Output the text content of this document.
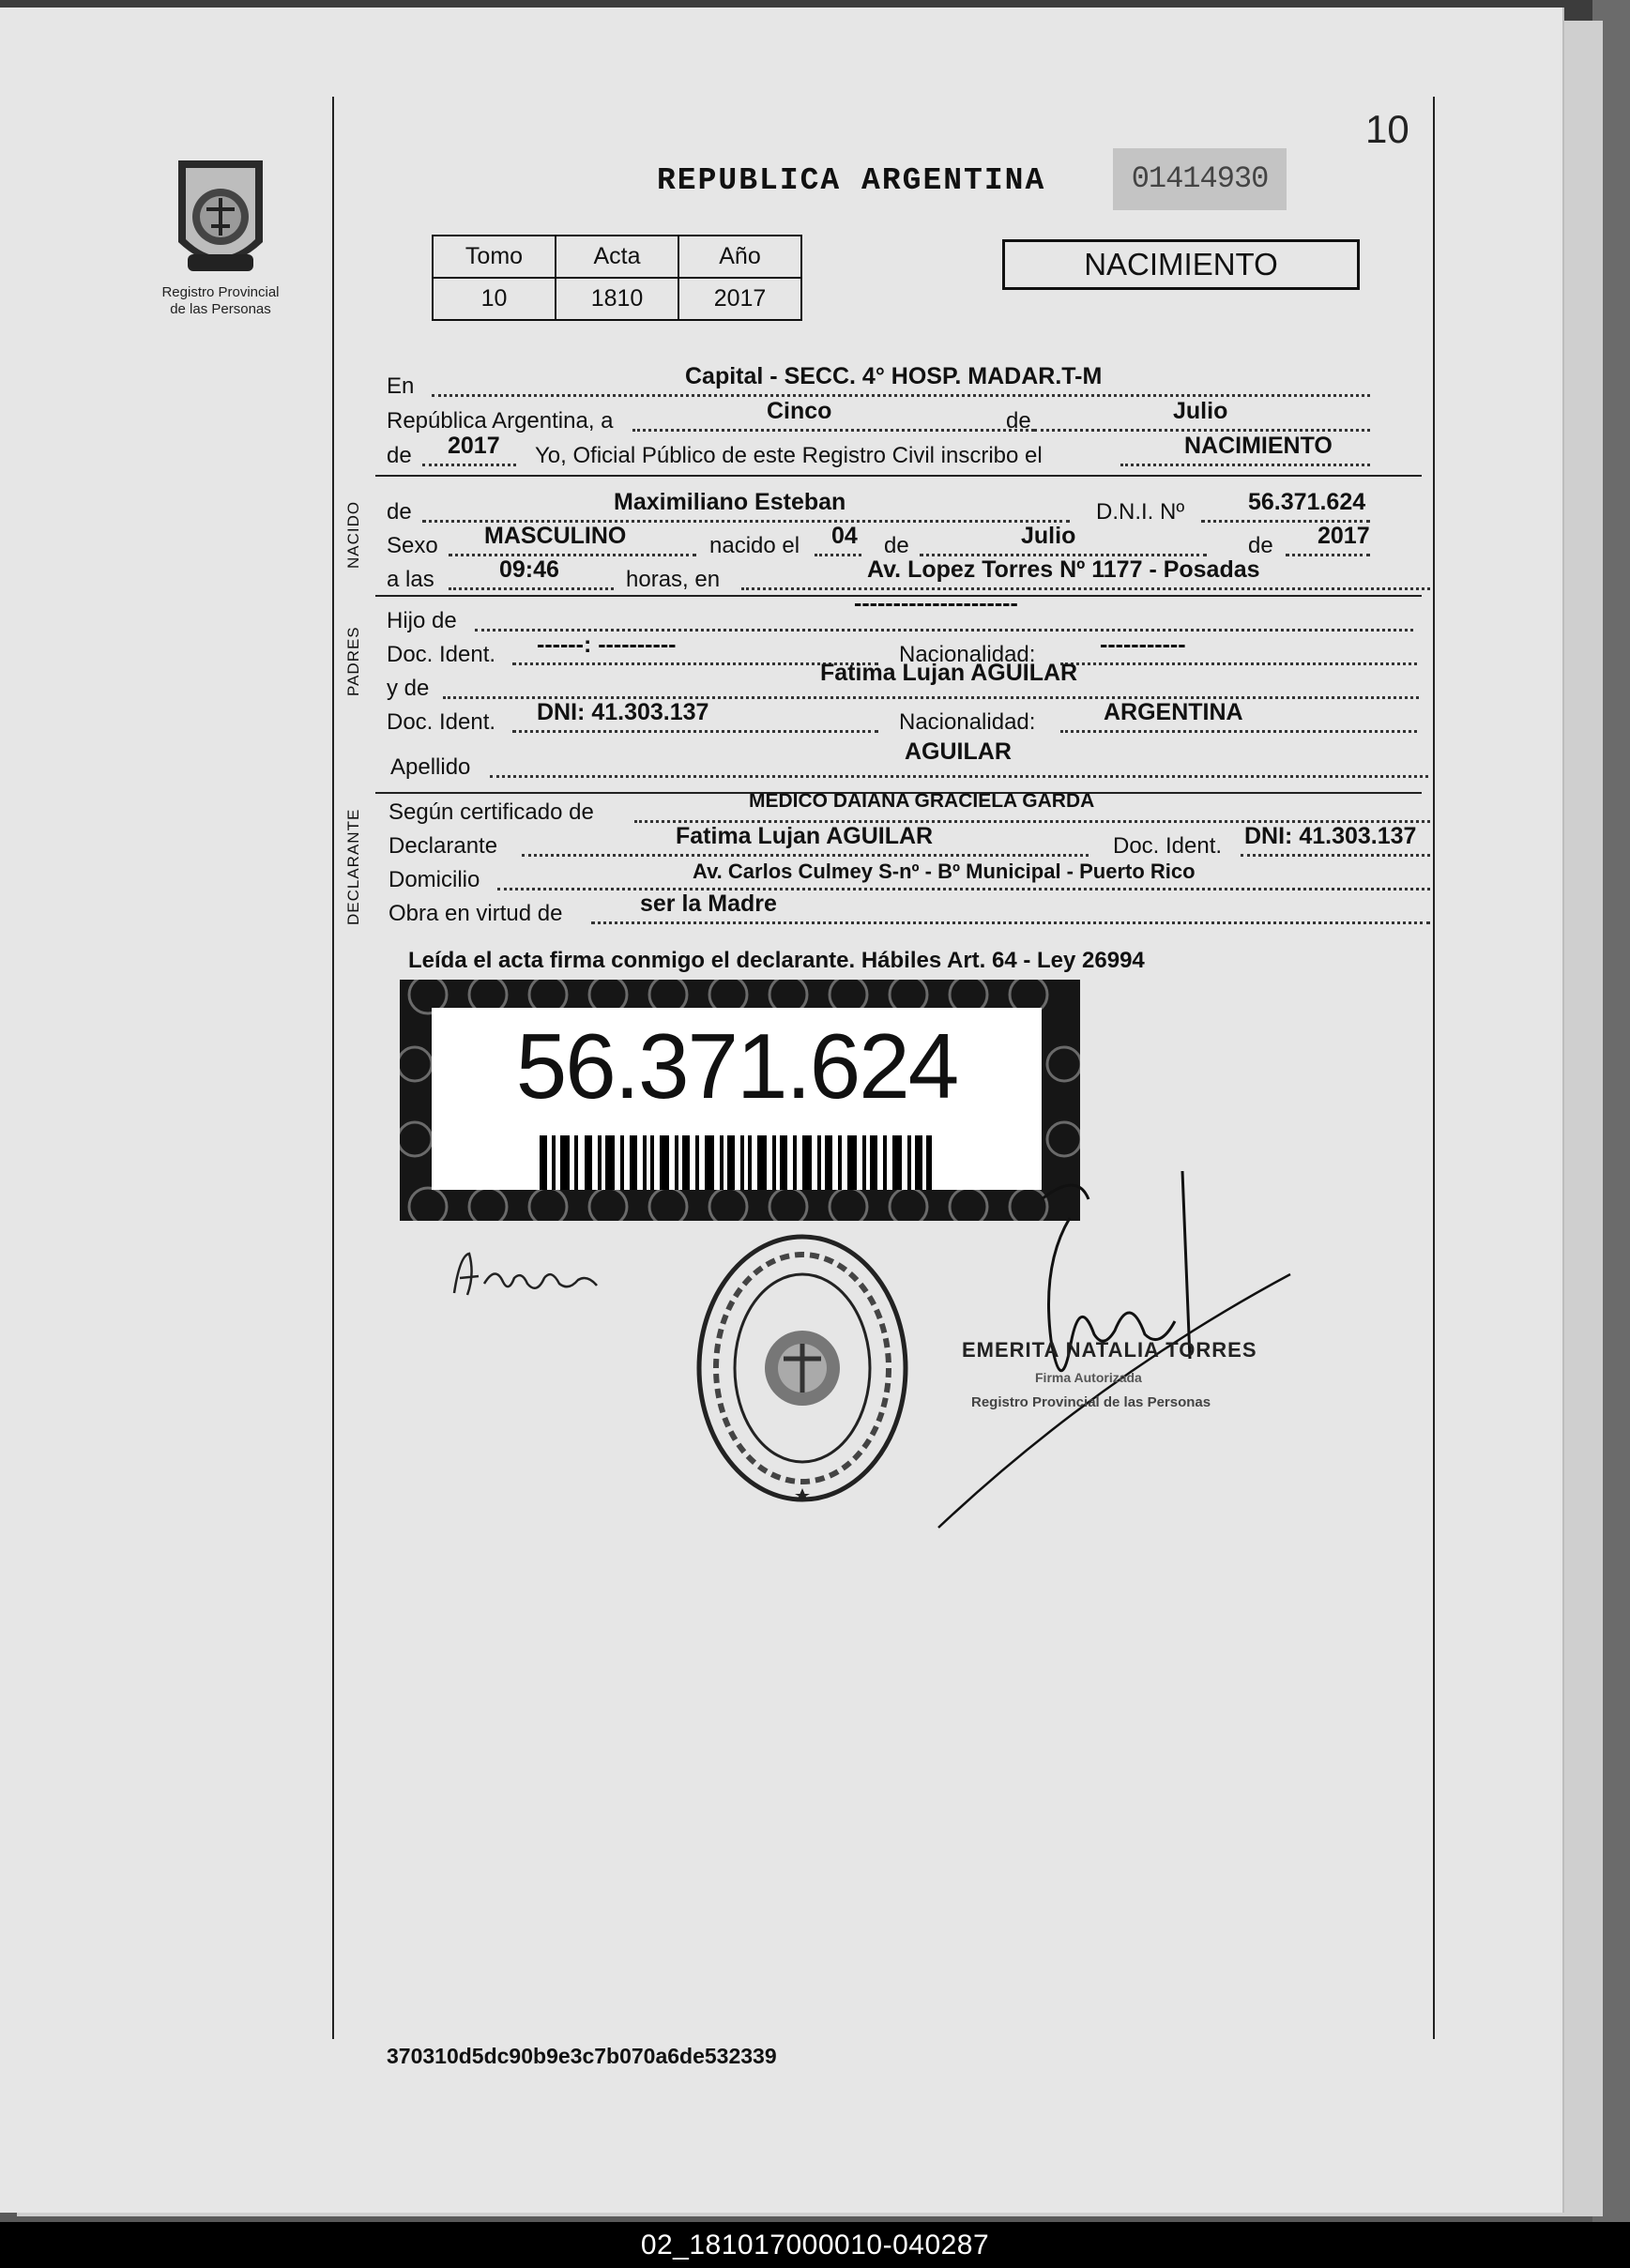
10
Registro Provincial
de las Personas
REPUBLICA ARGENTINA	01414930
Tomo	Acta	Año
10	1810	2017
NACIMIENTO
En	Capital - SECC. 4° HOSP. MADAR.T-M
República Argentina, a	Cinco	de	Julio
de 2017 Yo, Oficial Público de este Registro Civil inscribo el	NACIMIENTO
NACIDO de	Maximiliano Esteban	D.N.I. Nº	56.371.624
Sexo MASCULINO	nacido el 04 de	Julio	de 2017
a las	09:46	horas, en	Av. Lopez Torres Nº 1177 - Posadas
PADRES
Hijo de
---------------------
Doc. Ident. ------: ----------	Nacionalidad:	-----------
y de
Fatima Lujan AGUILAR
Doc. Ident. DNI: 41.303.137	Nacionalidad:	ARGENTINA
Apellido
AGUILAR
DECLARANTE Según certificado de	MEDICO DAIANA GRACIELA GARDA
Declarante	Fatima Lujan AGUILAR	Doc. Ident. DNI: 41.303.137
Domicilio	Av. Carlos Culmey S-nº - Bº Municipal - Puerto Rico
Obra en virtud de	ser la Madre
Leída el acta firma conmigo el declarante. Hábiles Art. 64 - Ley 26994
56.371.624
EMERITA NATALIA TORRES
Firma Autorizada
Registro Provincial de las Personas
370310d5dc90b9e3c7b070a6de532339
02_181017000010-040287
